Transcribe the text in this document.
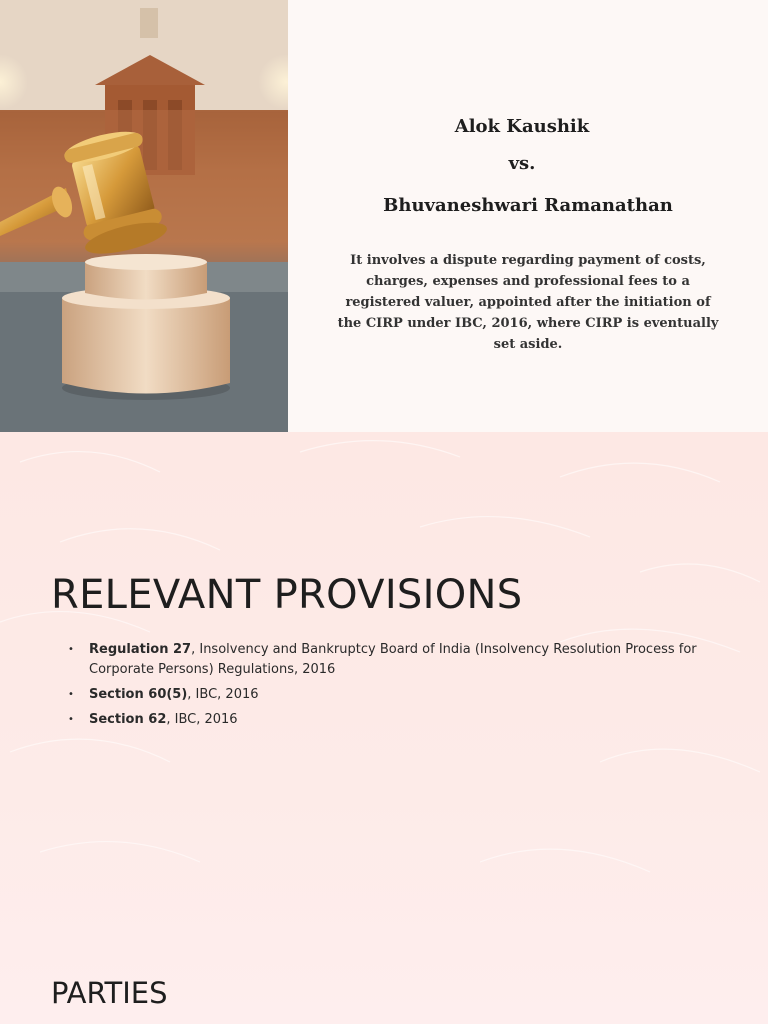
Alok Kaushik
vs.
Bhuvaneshwari Ramanathan

It involves a dispute regarding payment of costs, charges, expenses and professional fees to a registered valuer, appointed after the initiation of the CIRP under IBC, 2016, where CIRP is eventually set aside.

RELEVANT PROVISIONS
• Regulation 27, Insolvency and Bankruptcy Board of India (Insolvency Resolution Process for Corporate Persons) Regulations, 2016
• Section 60(5), IBC, 2016
• Section 62, IBC, 2016
PARTIES
